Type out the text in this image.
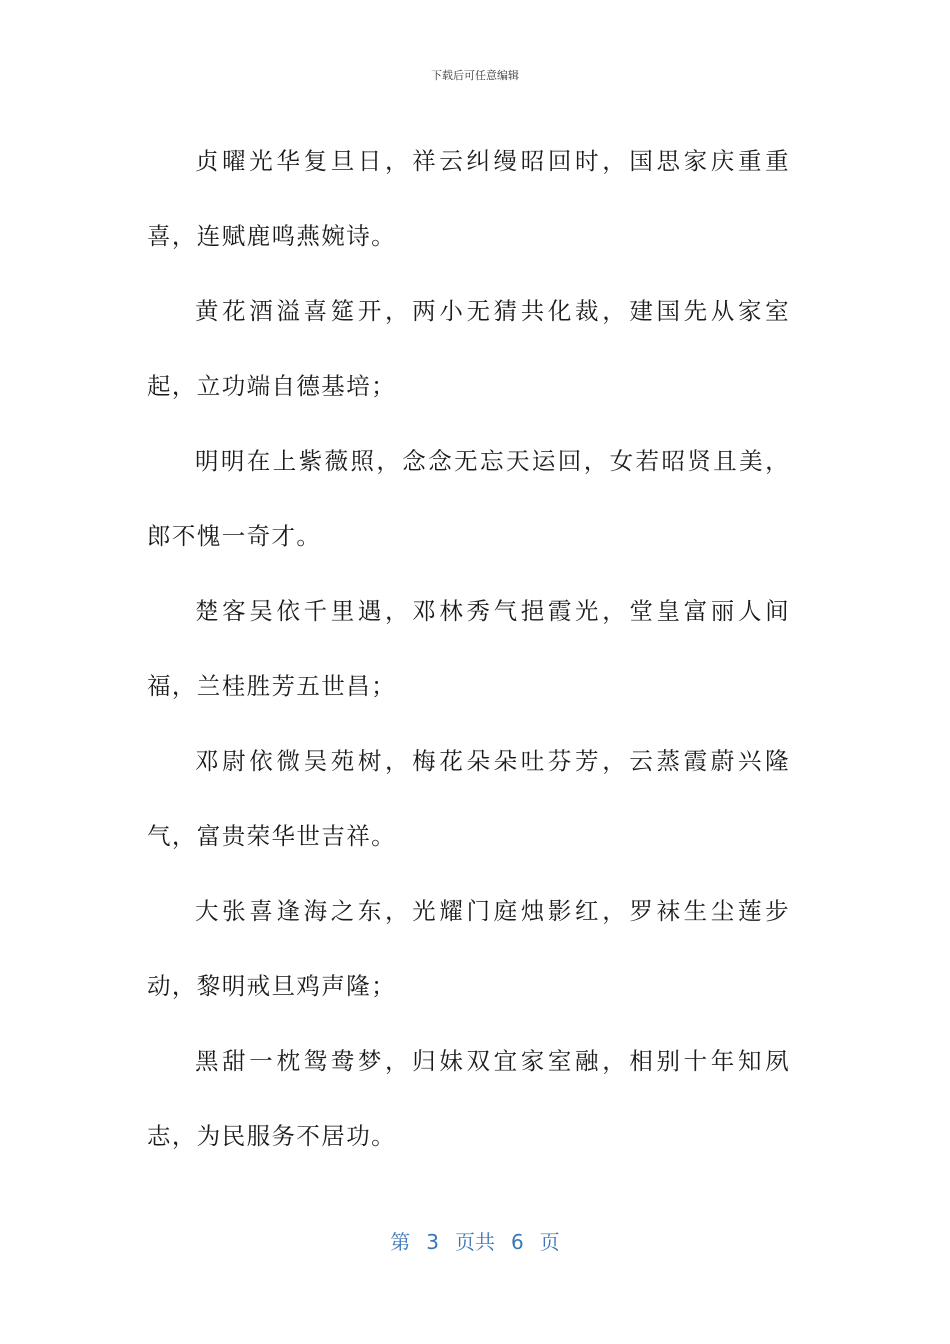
下载后可任意编辑

贞曜光华复旦日，祥云纠缦昭回时，国思家庆重重喜，连赋鹿鸣燕婉诗。

黄花酒溢喜筵开，两小无猜共化裁，建国先从家室起，立功端自德基培；

明明在上紫薇照，念念无忘天运回，女若昭贤且美，郎不愧一奇才。

楚客吴依千里遇，邓林秀气挹霞光，堂皇富丽人间福，兰桂胜芳五世昌；

邓尉依微吴苑树，梅花朵朵吐芬芳，云蒸霞蔚兴隆气，富贵荣华世吉祥。

大张喜逢海之东，光耀门庭烛影红，罗袜生尘莲步动，黎明戒旦鸡声隆；

黑甜一枕鸳鸯梦，归妹双宜家室融，相别十年知夙志，为民服务不居功。

第 3 页共 6 页
